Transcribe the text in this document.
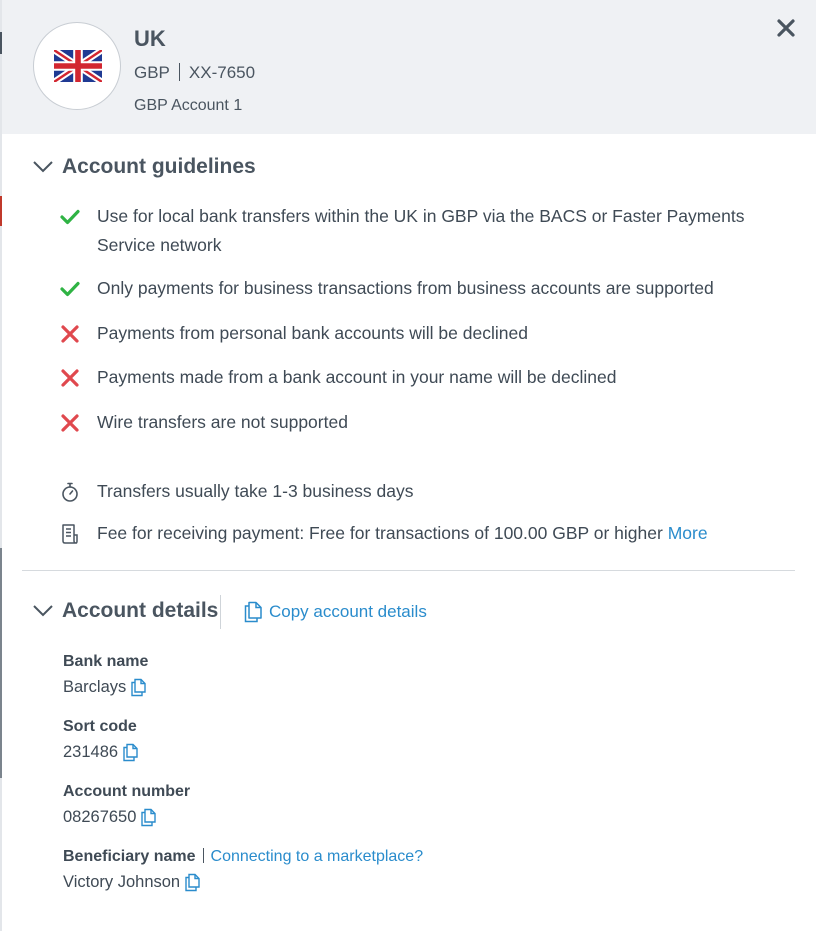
UK
GBP XX-7650
GBP Account 1
Account guidelines
Use for local bank transfers within the UK in GBP via the BACS or Faster Payments Service network
Only payments for business transactions from business accounts are supported
Payments from personal bank accounts will be declined
Payments made from a bank account in your name will be declined
Wire transfers are not supported
Transfers usually take 1-3 business days
Fee for receiving payment: Free for transactions of 100.00 GBP or higher More
Account details	Copy account details
Bank name
Barclays
Sort code
231486
Account number
08267650
Beneficiary name Connecting to a marketplace?
Victory Johnson
